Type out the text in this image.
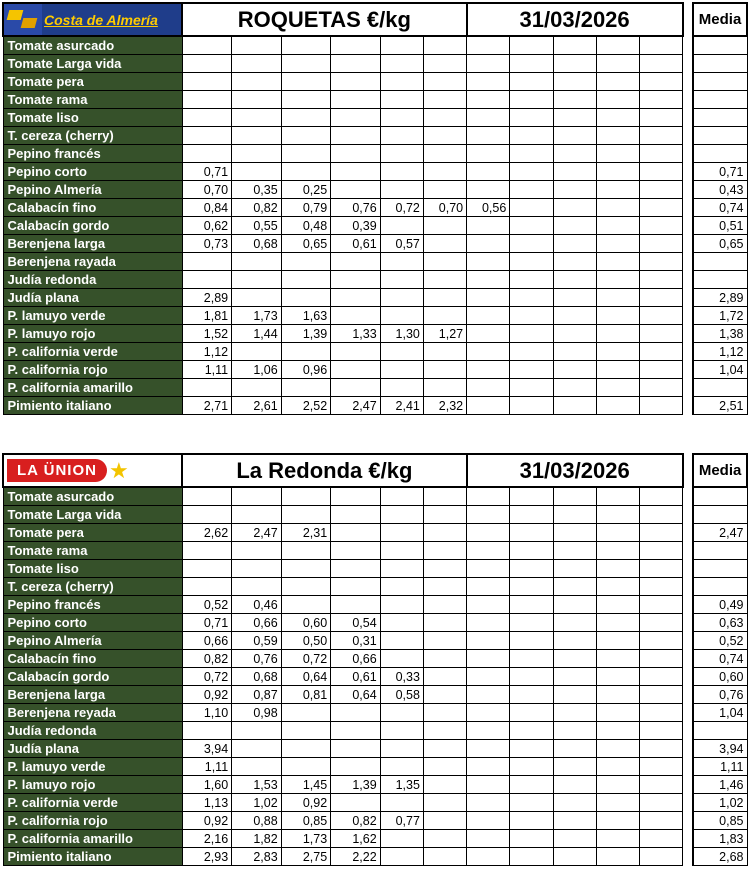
Costa de Almería	ROQUETAS €/kg						31/03/2026						Media
Tomate asurcado													
Tomate Larga vida													
Tomate pera													
Tomate rama													
Tomate liso													
T. cereza (cherry)													
Pepino francés													
Pepino corto	0,71												0,71
Pepino Almería	0,70	0,35	0,25										0,43
Calabacín fino	0,84	0,82	0,79	0,76	0,72	0,70	0,56						0,74
Calabacín gordo	0,62	0,55	0,48	0,39									0,51
Berenjena larga	0,73	0,68	0,65	0,61	0,57								0,65
Berenjena rayada													
Judía redonda													
Judía plana	2,89												2,89
P. lamuyo verde	1,81	1,73	1,63										1,72
P. lamuyo rojo	1,52	1,44	1,39	1,33	1,30	1,27							1,38
P. california verde	1,12												1,12
P. california rojo	1,11	1,06	0,96										1,04
P. california amarillo													
Pimiento italiano	2,71	2,61	2,52	2,47	2,41	2,32							2,51
LA ÜNION ★	La Redonda €/kg						31/03/2026						Media
Tomate asurcado													
Tomate Larga vida													
Tomate pera	2,62	2,47	2,31										2,47
Tomate rama													
Tomate liso													
T. cereza (cherry)													
Pepino francés	0,52	0,46											0,49
Pepino corto	0,71	0,66	0,60	0,54									0,63
Pepino Almería	0,66	0,59	0,50	0,31									0,52
Calabacín fino	0,82	0,76	0,72	0,66									0,74
Calabacín gordo	0,72	0,68	0,64	0,61	0,33								0,60
Berenjena larga	0,92	0,87	0,81	0,64	0,58								0,76
Berenjena reyada	1,10	0,98											1,04
Judía redonda													
Judía plana	3,94												3,94
P. lamuyo verde	1,11												1,11
P. lamuyo rojo	1,60	1,53	1,45	1,39	1,35								1,46
P. california verde	1,13	1,02	0,92										1,02
P. california rojo	0,92	0,88	0,85	0,82	0,77								0,85
P. california amarillo	2,16	1,82	1,73	1,62									1,83
Pimiento italiano	2,93	2,83	2,75	2,22									2,68
